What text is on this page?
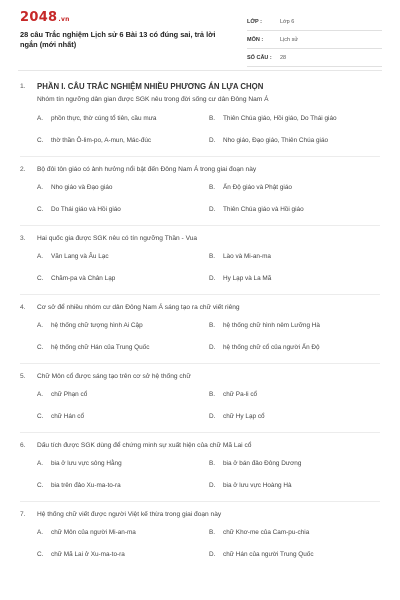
2048.vn
28 câu Trắc nghiệm Lịch sử 6 Bài 13 có đúng sai, trả lời ngắn (mới nhất)
LỚP :	Lớp 6
MÔN :	Lịch sử
SỐ CÂU :	28
1.	PHẦN I. CÂU TRẮC NGHIỆM NHIỀU PHƯƠNG ÁN LỰA CHỌN
Nhóm tín ngưỡng dân gian được SGK nêu trong đời sống cư dân Đông Nam Á
A.	phồn thực, thờ cúng tổ tiên, cầu mưa	B.	Thiên Chúa giáo, Hồi giáo, Do Thái giáo
C.	thờ thần Ô-lim-po, A-mun, Mác-đúc	D.	Nho giáo, Đạo giáo, Thiên Chúa giáo
2.	Bộ đôi tôn giáo có ảnh hưởng nổi bật đến Đông Nam Á trong giai đoạn này
A.	Nho giáo và Đạo giáo	B.	Ấn Độ giáo và Phật giáo
C.	Do Thái giáo và Hồi giáo	D.	Thiên Chúa giáo và Hồi giáo
3.	Hai quốc gia được SGK nêu có tín ngưỡng Thần - Vua
A.	Văn Lang và Âu Lạc	B.	Lào và Mi-an-ma
C.	Chăm-pa và Chân Lạp	D.	Hy Lạp và La Mã
4.	Cơ sở để nhiều nhóm cư dân Đông Nam Á sáng tạo ra chữ viết riêng
A.	hệ thống chữ tượng hình Ai Cập	B.	hệ thống chữ hình nêm Lưỡng Hà
C.	hệ thống chữ Hán của Trung Quốc	D.	hệ thống chữ cổ của người Ấn Độ
5.	Chữ Môn cổ được sáng tạo trên cơ sở hệ thống chữ
A.	chữ Phạn cổ	B.	chữ Pa-li cổ
C.	chữ Hán cổ	D.	chữ Hy Lạp cổ
6.	Dấu tích được SGK dùng để chứng minh sự xuất hiện của chữ Mã Lai cổ
A.	bia ở lưu vực sông Hằng	B.	bia ở bán đảo Đông Dương
C.	bia trên đảo Xu-ma-to-ra	D.	bia ở lưu vực Hoàng Hà
7.	Hệ thống chữ viết được người Việt kế thừa trong giai đoạn này
A.	chữ Môn của người Mi-an-ma	B.	chữ Khơ-me của Cam-pu-chia
C.	chữ Mã Lai ở Xu-ma-to-ra	D.	chữ Hán của người Trung Quốc
